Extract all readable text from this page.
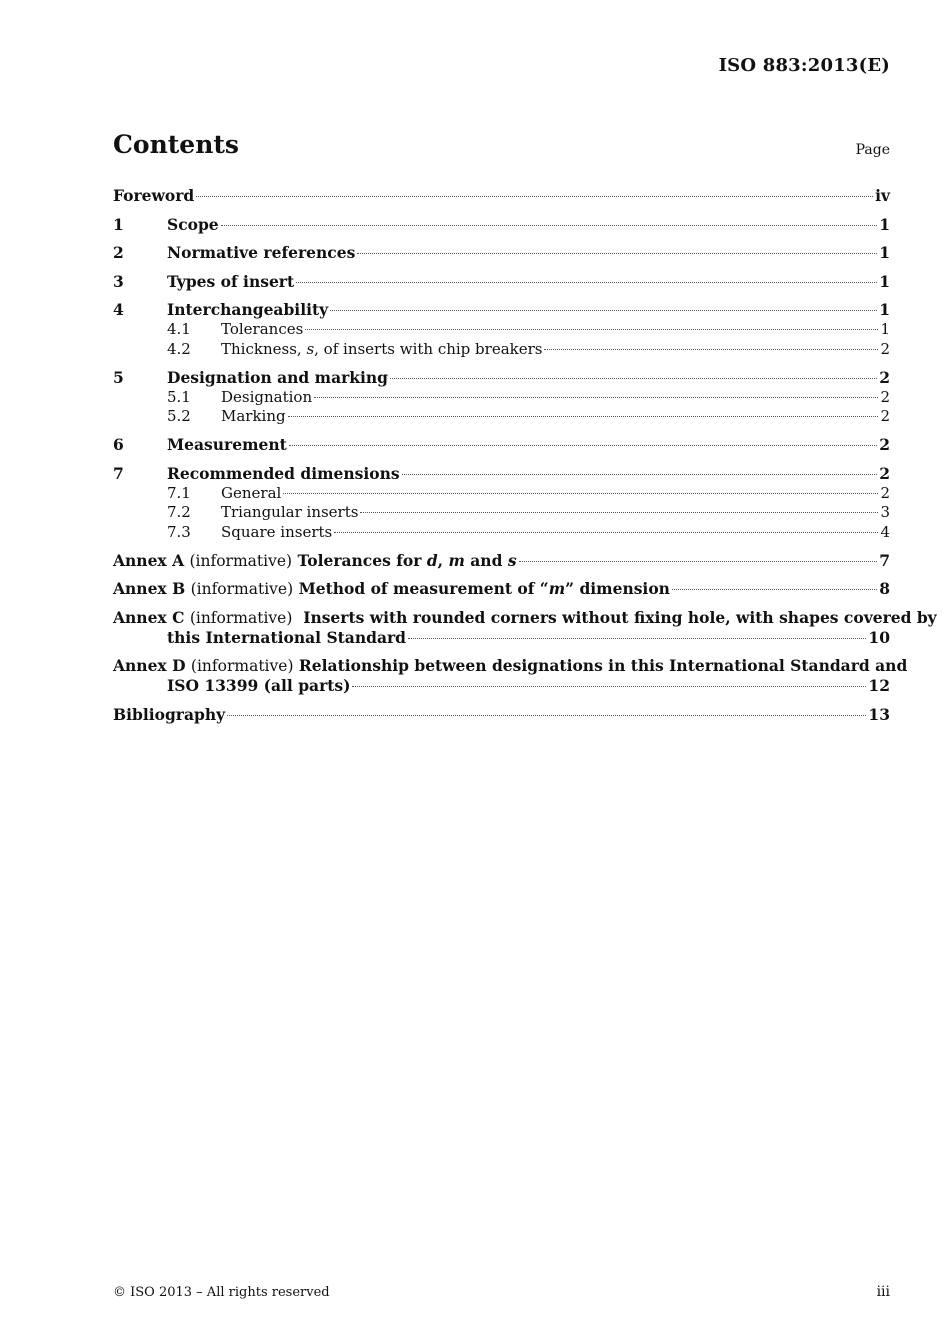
ISO 883:2013(E)
Contents	Page
Foreword	iv
1	Scope	1
2	Normative references	1
3	Types of insert	1
4	Interchangeability	1
4.1	Tolerances	1
4.2	Thickness, s, of inserts with chip breakers	2
5	Designation and marking	2
5.1	Designation	2
5.2	Marking	2
6	Measurement	2
7	Recommended dimensions	2
7.1	General	2
7.2	Triangular inserts	3
7.3	Square inserts	4
Annex A (informative) Tolerances for d, m and s	7
Annex B (informative) Method of measurement of “m” dimension	8
Annex C (informative) Inserts with rounded corners without fixing hole, with shapes covered by
this International Standard	10
Annex D (informative) Relationship between designations in this International Standard and
ISO 13399 (all parts)	12
Bibliography	13
© ISO 2013 – All rights reserved	iii
